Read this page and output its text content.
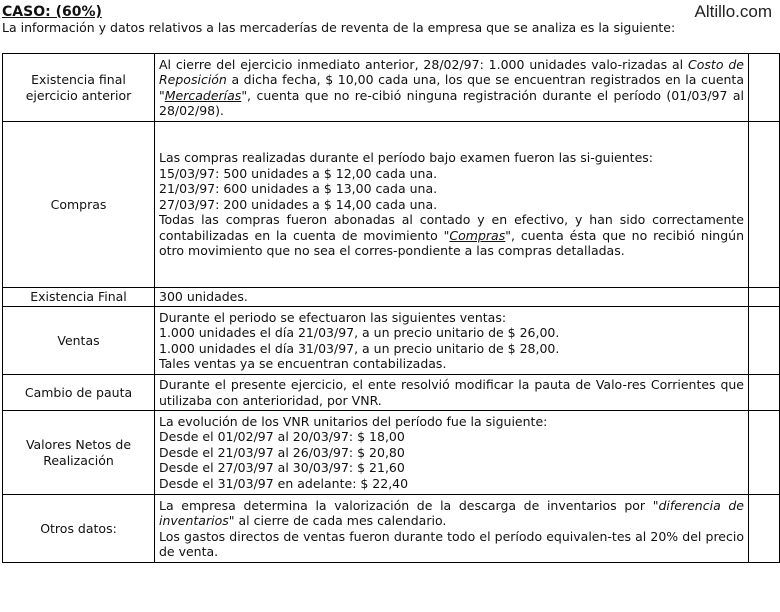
CASO: (60%)	Altillo.com
La información y datos relativos a las mercaderías de reventa de la empresa que se analiza es la siguiente:
Existencia final ejercicio anterior	Al cierre del ejercicio inmediato anterior, 28/02/97: 1.000 unidades valo-rizadas al Costo de Reposición a dicha fecha, $ 10,00 cada una, los que se encuentran registrados en la cuenta "Mercaderías", cuenta que no re-cibió ninguna registración durante el período (01/03/97 al 28/02/98).	
Compras	Las compras realizadas durante el período bajo examen fueron las si-guientes:
15/03/97: 500 unidades a $ 12,00 cada una.
21/03/97: 600 unidades a $ 13,00 cada una.
27/03/97: 200 unidades a $ 14,00 cada una.
Todas las compras fueron abonadas al contado y en efectivo, y han sido correctamente contabilizadas en la cuenta de movimiento "Compras", cuenta ésta que no recibió ningún otro movimiento que no sea el corres-pondiente a las compras detalladas.	

Existencia Final	300 unidades.	
Ventas	Durante el periodo se efectuaron las siguientes ventas:
1.000 unidades el día 21/03/97, a un precio unitario de $ 26,00.
1.000 unidades el día 31/03/97, a un precio unitario de $ 28,00.
Tales ventas ya se encuentran contabilizadas.	

Cambio de pauta	Durante el presente ejercicio, el ente resolvió modificar la pauta de Valo-res Corrientes que utilizaba con anterioridad, por VNR.	
Valores Netos de Realización	La evolución de los VNR unitarios del período fue la siguiente:
Desde el 01/02/97 al 20/03/97: $ 18,00
Desde el 21/03/97 al 26/03/97: $ 20,80
Desde el 27/03/97 al 30/03/97: $ 21,60
Desde el 31/03/97 en adelante: $ 22,40	

Otros datos:	La empresa determina la valorización de la descarga de inventarios por "diferencia de inventarios" al cierre de cada mes calendario.
Los gastos directos de ventas fueron durante todo el período equivalen-tes al 20% del precio de venta.	
